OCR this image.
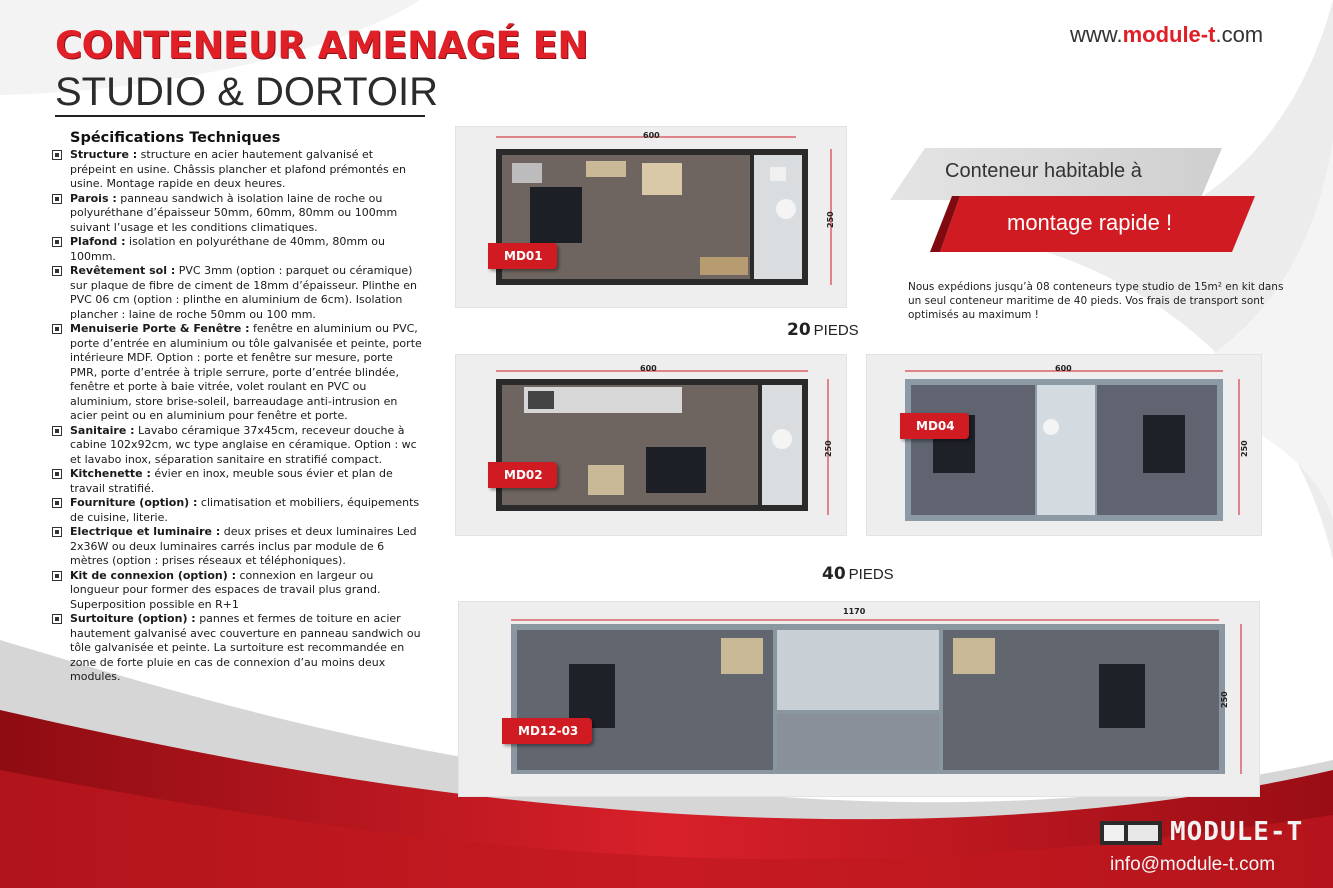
CONTENEUR AMENAGÉ EN
STUDIO & DORTOIR
www.module-t.com
Spécifications Techniques
Structure : structure en acier hautement galvanisé et prépeint en usine. Châssis plancher et plafond prémontés en usine. Montage rapide en deux heures.
Parois : panneau sandwich à isolation laine de roche ou polyuréthane d’épaisseur 50mm, 60mm, 80mm ou 100mm suivant l’usage et les conditions climatiques.
Plafond : isolation en polyuréthane de 40mm, 80mm ou 100mm.
Revêtement sol : PVC 3mm (option : parquet ou céramique) sur plaque de fibre de ciment de 18mm d’épaisseur. Plinthe en PVC 06 cm (option : plinthe en aluminium de 6cm). Isolation plancher : laine de roche 50mm ou 100 mm.
Menuiserie Porte & Fenêtre : fenêtre en aluminium ou PVC, porte d’entrée en aluminium ou tôle galvanisée et peinte, porte intérieure MDF. Option : porte et fenêtre sur mesure, porte PMR, porte d’entrée à triple serrure, porte d’entrée blindée, fenêtre et porte à baie vitrée, volet roulant en PVC ou aluminium, store brise-soleil, barreaudage anti-intrusion en acier peint ou en aluminium pour fenêtre et porte.
Sanitaire : Lavabo céramique 37x45cm, receveur douche à cabine 102x92cm, wc type anglaise en céramique. Option : wc et lavabo inox, séparation sanitaire en stratifié compact.
Kitchenette : évier en inox, meuble sous évier et plan de travail stratifié.
Fourniture (option) : climatisation et mobiliers, équipements de cuisine, literie.
Electrique et luminaire : deux prises et deux luminaires Led 2x36W ou deux luminaires carrés inclus par module de 6 mètres (option : prises réseaux et téléphoniques).
Kit de connexion (option) : connexion en largeur ou longueur pour former des espaces de travail plus grand. Superposition possible en R+1
Surtoiture (option) : pannes et fermes de toiture en acier hautement galvanisé avec couverture en panneau sandwich ou tôle galvanisée et peinte. La surtoiture est recommandée en zone de forte pluie en cas de connexion d’au moins deux modules.
600
250
MD01
20 PIEDS
600
250
MD02
600
250
MD04
40 PIEDS
1170
250
MD12-03
Conteneur habitable à
montage rapide !
Nous expédions jusqu’à 08 conteneurs type studio de 15m² en kit dans un seul conteneur maritime de 40 pieds. Vos frais de transport sont optimisés au maximum !
MODULE-T
info@module-t.com
